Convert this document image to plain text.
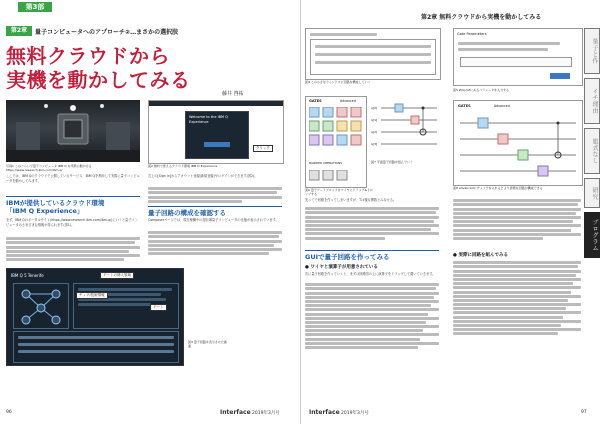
第3部
第2章	量子コンピュータへのアプローチ②…まさかの選択肢
無料クラウドから
実機を動かしてみる
藤井 啓祐
写真1 このぐらいで量子コンピュータ IBM Q を実際に動かせる https://www.research.ibm.com/ibm-q/
Welcome to the IBM Q Experience
クリック
図2 無料で使えるクラウド環境 IBM Q Experience
ここでは、IBM Qのクラウドで公開しているサービス、IBM Qを利用して実際に量子コンピュータを動かしてみます。
IBMが提供しているクラウド環境
「IBM Q Experience」
まず、IBM Qのポータルサイト(https://www.research.ibm.com/ibm-q/)にいくと量子コンピュータのさまざまな情報が得られます(図1)。
IBM Q 5 Tenerife	ゲートの挿入領域
チップ/技術情報
ゲート
図3 量子回路を表示させた画面
右上の[Sign In]からアカウント登録(新規登録)やログインができます(図2)。
量子回路の構成を確認する
Composerページでは、現在稼働中の超伝導量子コンピュータの仕様が表示されています。
96	Interface 2019年3月号
第2章 無料クラウドから実機を動かしてみる
図4 この小さなウィンドウに回路を構成していく
Gate Parameters
図5 Z(π)のZにあるパラメータを入力する
GATES	Advanced
BARRIER OPERATIONS
図6 量子ゲートブロックをワイヤにドラッグ&ドロップする
q[0]
q[1]
q[2]
q[3]
図7 平面量子回路を組んでいく
GATES	Advanced
図8 Advancedにチェックを入れるとより詳細な回路が構成できる
先ってで回路を作ってしまいますが、Tは様な関数とみなせる。
GUIで量子回路を作ってみる
● ワイヤと演算子が用意されている
次に量子回路を作っていくと、まずは回路図の上に演算子をドラッグして置いていきます。
● 実際に回路を組んでみる
量子と作
イチ理由
旅式なし
研究
プログラム
Interface 2019年3月号	97
